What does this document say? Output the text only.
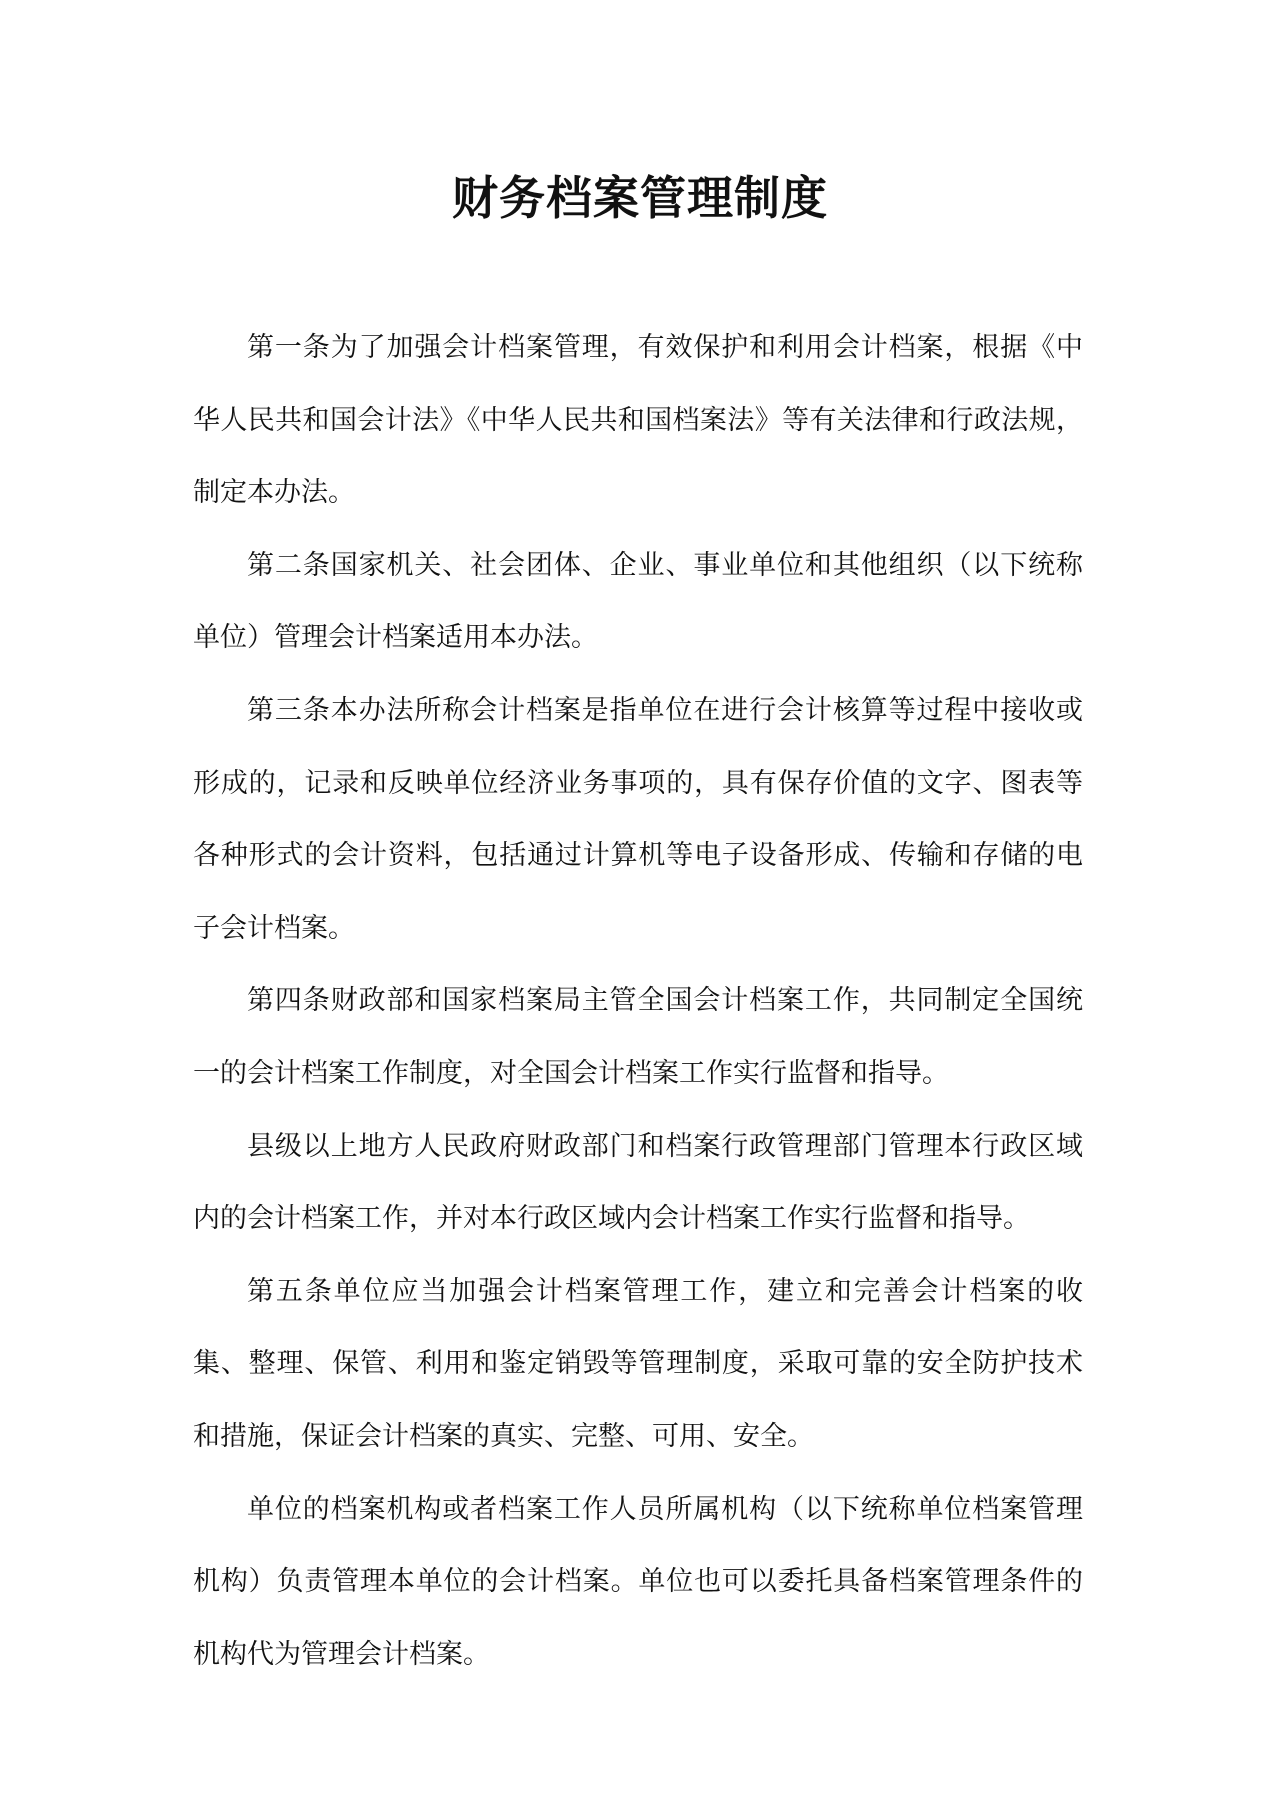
财务档案管理制度

第一条为了加强会计档案管理，有效保护和利用会计档案，根据《中华人民共和国会计法》《中华人民共和国档案法》等有关法律和行政法规，制定本办法。

第二条国家机关、社会团体、企业、事业单位和其他组织（以下统称单位）管理会计档案适用本办法。

第三条本办法所称会计档案是指单位在进行会计核算等过程中接收或形成的，记录和反映单位经济业务事项的，具有保存价值的文字、图表等各种形式的会计资料，包括通过计算机等电子设备形成、传输和存储的电子会计档案。

第四条财政部和国家档案局主管全国会计档案工作，共同制定全国统一的会计档案工作制度，对全国会计档案工作实行监督和指导。

县级以上地方人民政府财政部门和档案行政管理部门管理本行政区域内的会计档案工作，并对本行政区域内会计档案工作实行监督和指导。

第五条单位应当加强会计档案管理工作，建立和完善会计档案的收集、整理、保管、利用和鉴定销毁等管理制度，采取可靠的安全防护技术和措施，保证会计档案的真实、完整、可用、安全。

单位的档案机构或者档案工作人员所属机构（以下统称单位档案管理机构）负责管理本单位的会计档案。单位也可以委托具备档案管理条件的机构代为管理会计档案。
